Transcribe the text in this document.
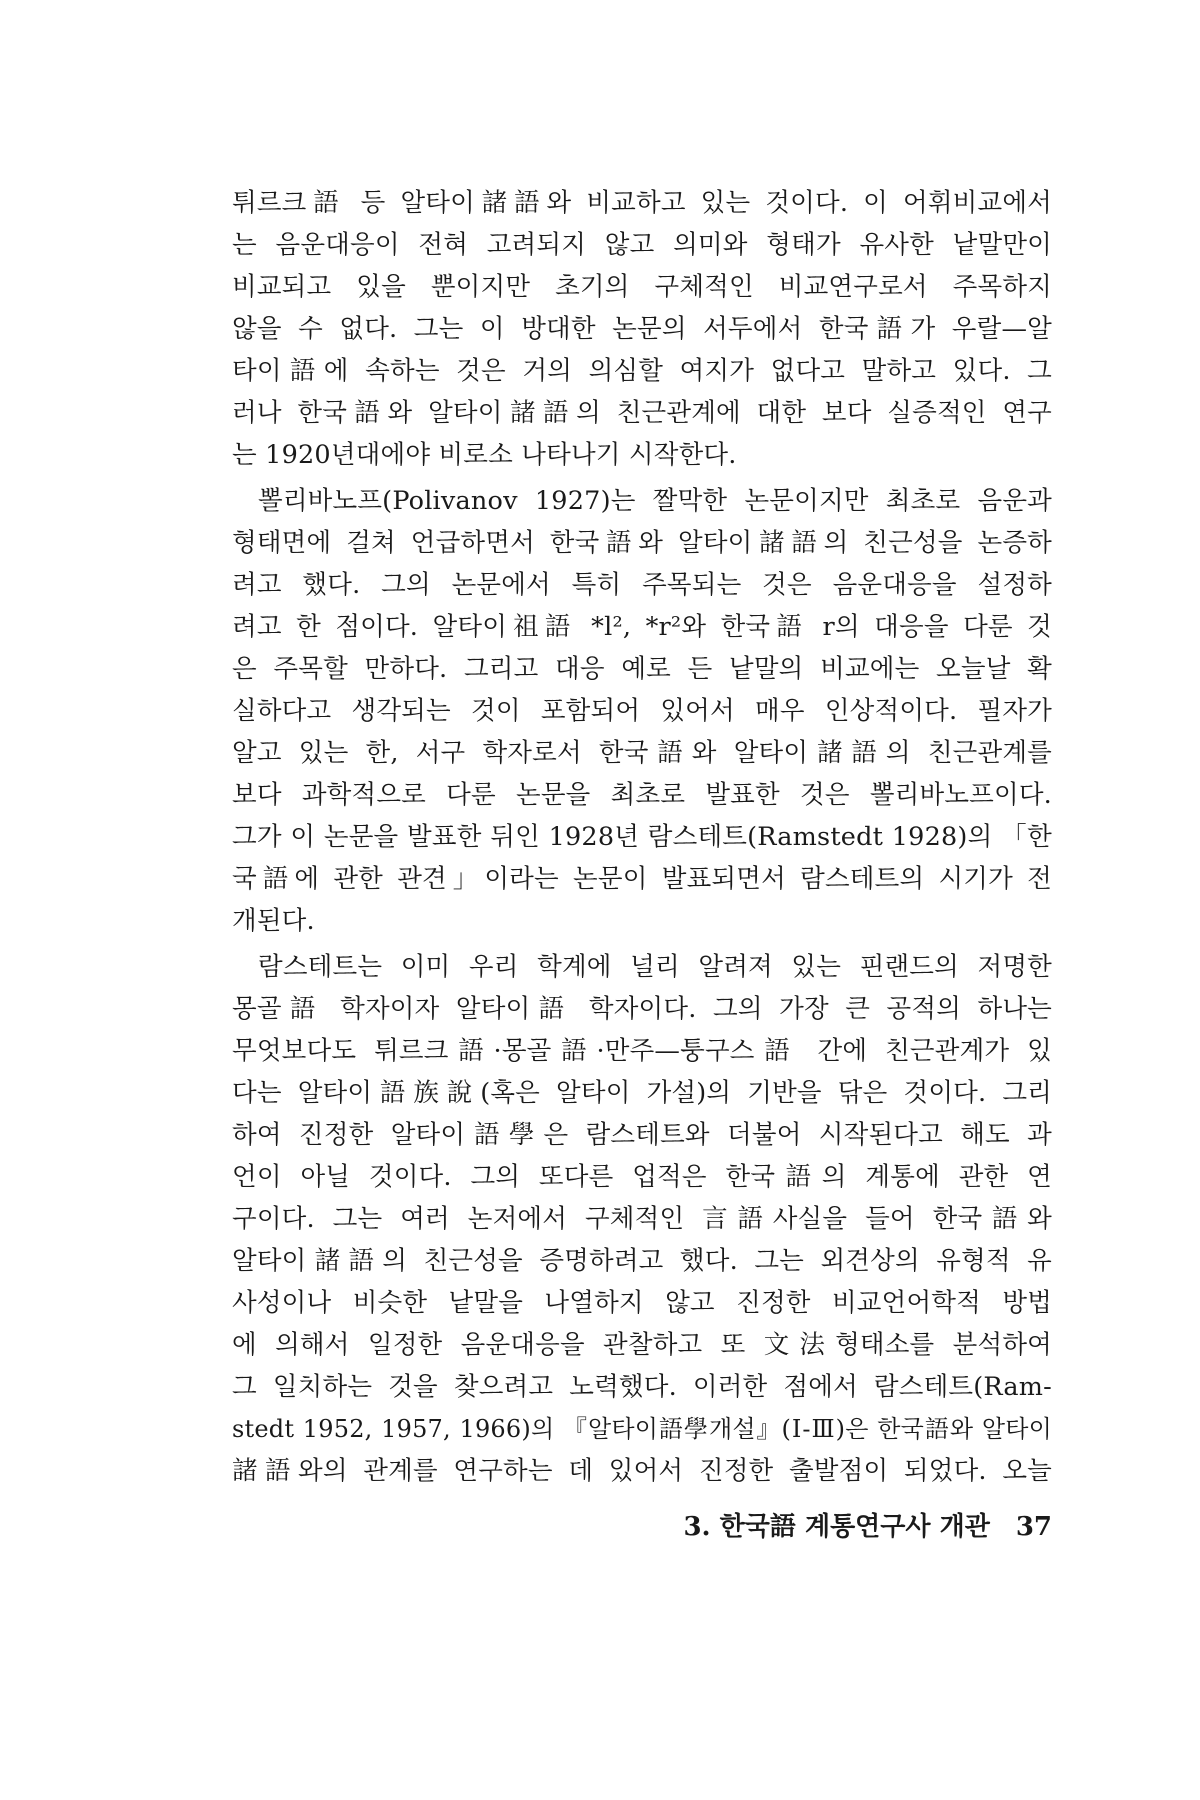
튀르크語 등 알타이諸語와 비교하고 있는 것이다. 이 어휘비교에서
는 음운대응이 전혀 고려되지 않고 의미와 형태가 유사한 낱말만이
비교되고 있을 뿐이지만 초기의 구체적인 비교연구로서 주목하지
않을 수 없다. 그는 이 방대한 논문의 서두에서 한국語가 우랄—알
타이語에 속하는 것은 거의 의심할 여지가 없다고 말하고 있다. 그
러나 한국語와 알타이諸語의 친근관계에 대한 보다 실증적인 연구
는 1920년대에야 비로소 나타나기 시작한다.
뽈리바노프(Polivanov 1927)는 짤막한 논문이지만 최초로 음운과
형태면에 걸쳐 언급하면서 한국語와 알타이諸語의 친근성을 논증하
려고 했다. 그의 논문에서 특히 주목되는 것은 음운대응을 설정하
려고 한 점이다. 알타이祖語 *l², *r²와 한국語 r의 대응을 다룬 것
은 주목할 만하다. 그리고 대응 예로 든 낱말의 비교에는 오늘날 확
실하다고 생각되는 것이 포함되어 있어서 매우 인상적이다. 필자가
알고 있는 한, 서구 학자로서 한국語와 알타이諸語의 친근관계를
보다 과학적으로 다룬 논문을 최초로 발표한 것은 뽈리바노프이다.
그가 이 논문을 발표한 뒤인 1928년 람스테트(Ramstedt 1928)의 「한
국語에 관한 관견」이라는 논문이 발표되면서 람스테트의 시기가 전
개된다.
람스테트는 이미 우리 학계에 널리 알려져 있는 핀랜드의 저명한
몽골語 학자이자 알타이語 학자이다. 그의 가장 큰 공적의 하나는
무엇보다도 튀르크語·몽골語·만주—퉁구스語 간에 친근관계가 있
다는 알타이語族說(혹은 알타이 가설)의 기반을 닦은 것이다. 그리
하여 진정한 알타이語學은 람스테트와 더불어 시작된다고 해도 과
언이 아닐 것이다. 그의 또다른 업적은 한국語의 계통에 관한 연
구이다. 그는 여러 논저에서 구체적인 言語사실을 들어 한국語와
알타이諸語의 친근성을 증명하려고 했다. 그는 외견상의 유형적 유
사성이나 비슷한 낱말을 나열하지 않고 진정한 비교언어학적 방법
에 의해서 일정한 음운대응을 관찰하고 또 文法형태소를 분석하여
그 일치하는 것을 찾으려고 노력했다. 이러한 점에서 람스테트(Ram-
stedt 1952, 1957, 1966)의 『알타이語學개설』(Ⅰ-Ⅲ)은 한국語와 알타이
諸語와의 관계를 연구하는 데 있어서 진정한 출발점이 되었다. 오늘
3. 한국語 계통연구사 개관 37
